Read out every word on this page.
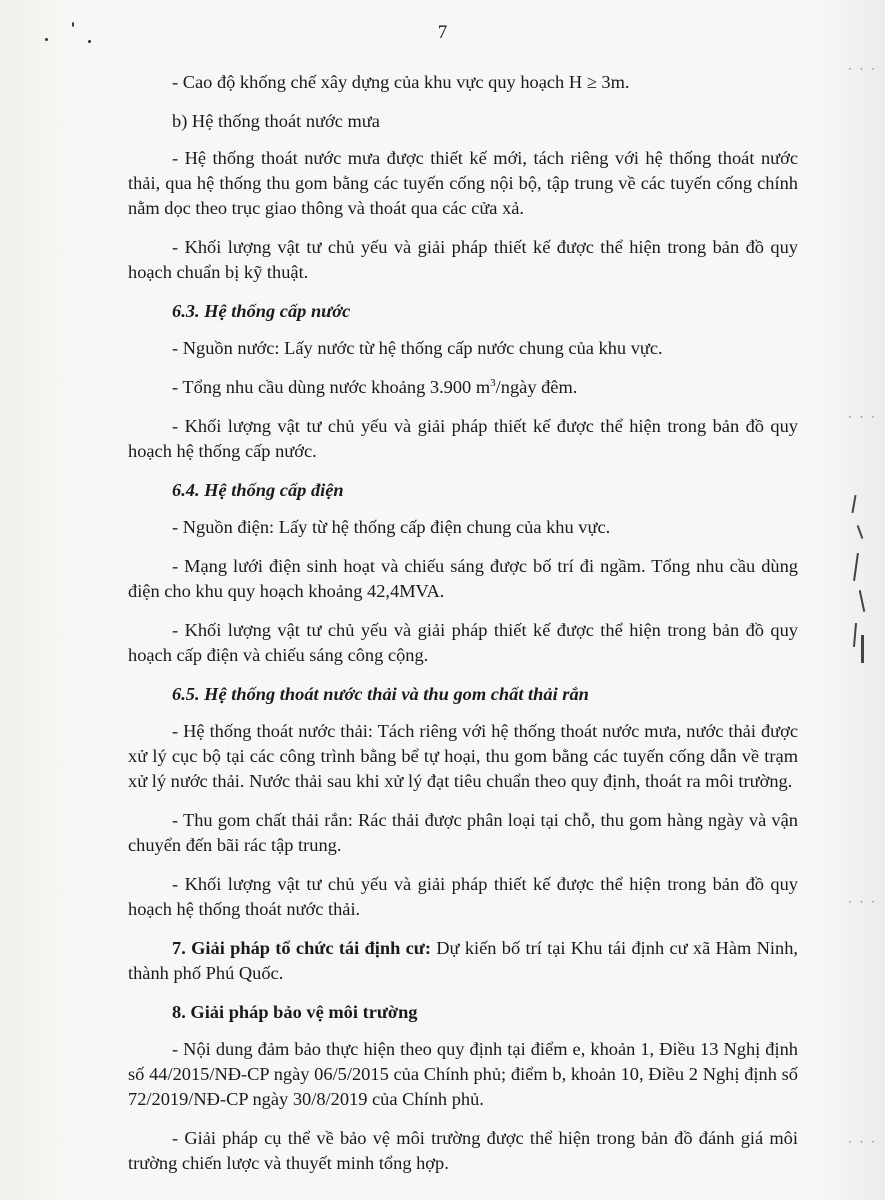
7

- Cao độ khống chế xây dựng của khu vực quy hoạch H ≥ 3m.

b) Hệ thống thoát nước mưa

- Hệ thống thoát nước mưa được thiết kế mới, tách riêng với hệ thống thoát nước thải, qua hệ thống thu gom bằng các tuyến cống nội bộ, tập trung về các tuyến cống chính nằm dọc theo trục giao thông và thoát qua các cửa xả.

- Khối lượng vật tư chủ yếu và giải pháp thiết kế được thể hiện trong bản đồ quy hoạch chuẩn bị kỹ thuật.

6.3. Hệ thống cấp nước

- Nguồn nước: Lấy nước từ hệ thống cấp nước chung của khu vực.

- Tổng nhu cầu dùng nước khoảng 3.900 $m^3$/ngày đêm.

- Khối lượng vật tư chủ yếu và giải pháp thiết kế được thể hiện trong bản đồ quy hoạch hệ thống cấp nước.

6.4. Hệ thống cấp điện

- Nguồn điện: Lấy từ hệ thống cấp điện chung của khu vực.

- Mạng lưới điện sinh hoạt và chiếu sáng được bố trí đi ngầm. Tổng nhu cầu dùng điện cho khu quy hoạch khoảng 42,4MVA.

- Khối lượng vật tư chủ yếu và giải pháp thiết kế được thể hiện trong bản đồ quy hoạch cấp điện và chiếu sáng công cộng.

6.5. Hệ thống thoát nước thải và thu gom chất thải rắn

- Hệ thống thoát nước thải: Tách riêng với hệ thống thoát nước mưa, nước thải được xử lý cục bộ tại các công trình bằng bể tự hoại, thu gom bằng các tuyến cống dẫn về trạm xử lý nước thải. Nước thải sau khi xử lý đạt tiêu chuẩn theo quy định, thoát ra môi trường.

- Thu gom chất thải rắn: Rác thải được phân loại tại chỗ, thu gom hàng ngày và vận chuyển đến bãi rác tập trung.

- Khối lượng vật tư chủ yếu và giải pháp thiết kế được thể hiện trong bản đồ quy hoạch hệ thống thoát nước thải.

7. Giải pháp tổ chức tái định cư: Dự kiến bố trí tại Khu tái định cư xã Hàm Ninh, thành phố Phú Quốc.

8. Giải pháp bảo vệ môi trường

- Nội dung đảm bảo thực hiện theo quy định tại điểm e, khoản 1, Điều 13 Nghị định số 44/2015/NĐ-CP ngày 06/5/2015 của Chính phủ; điểm b, khoản 10, Điều 2 Nghị định số 72/2019/NĐ-CP ngày 30/8/2019 của Chính phủ.

- Giải pháp cụ thể về bảo vệ môi trường được thể hiện trong bản đồ đánh giá môi trường chiến lược và thuyết minh tổng hợp.

· · ·
· · ·
· · ·
· · ·
